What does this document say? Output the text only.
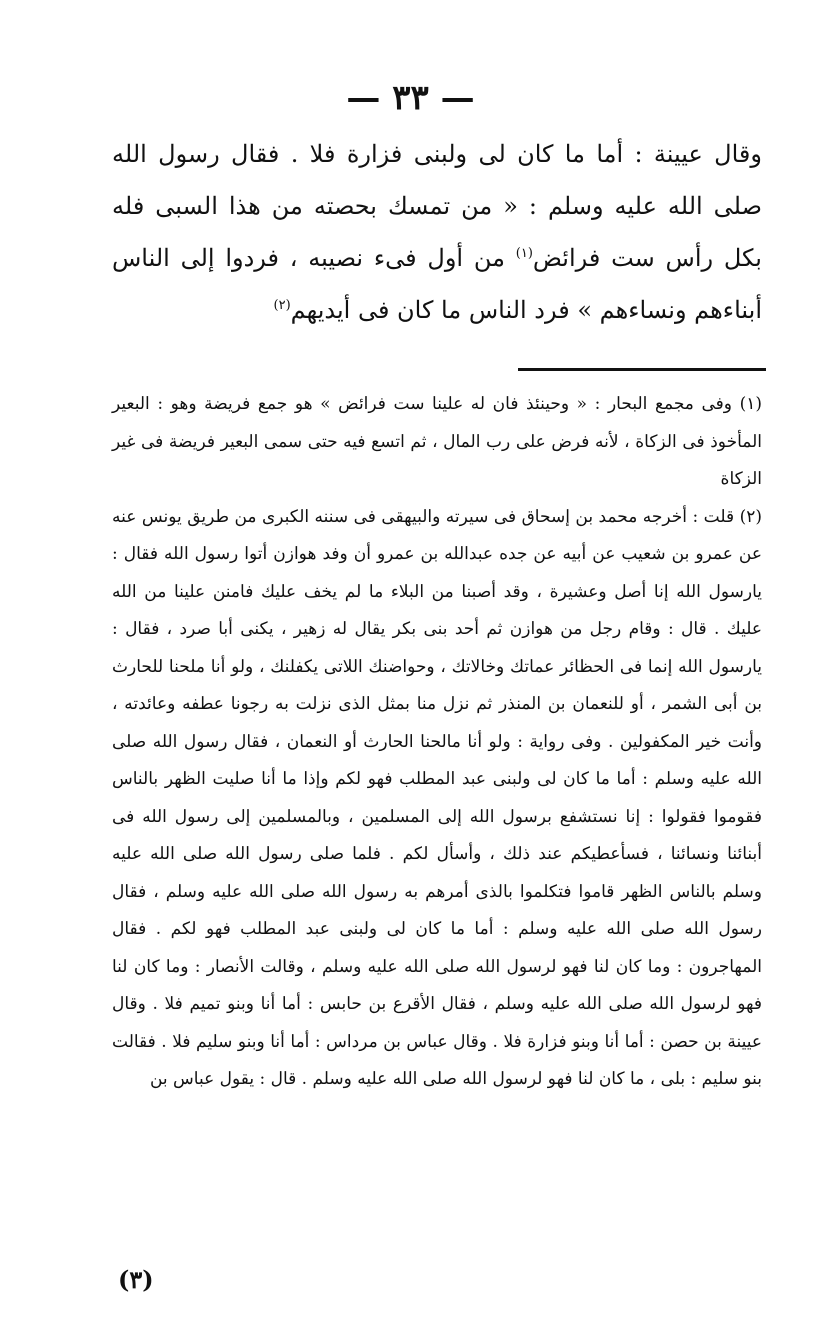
— ٣٣ —

وقال عيينة : أما ما كان لى ولبنى فزارة فلا . فقال رسول الله صلى الله عليه وسلم : « من تمسك بحصته من هذا السبى فله بكل رأس ست فرائض$^{(١)}$ من أول فىء نصيبه ، فردوا إلى الناس أبناءهم ونساءهم » فرد الناس ما كان فى أيديهم$^{(٢)}$

(١) وفى مجمع البحار : « وحينئذ فان له علينا ست فرائض » هو جمع فريضة وهو : البعير المأخوذ فى الزكاة ، لأنه فرض على رب المال ، ثم اتسع فيه حتى سمى البعير فريضة فى غير الزكاة

(٢) قلت : أخرجه محمد بن إسحاق فى سيرته والبيهقى فى سننه الكبرى من طريق يونس عنه عن عمرو بن شعيب عن أبيه عن جده عبدالله بن عمرو أن وفد هوازن أتوا رسول الله فقال : يارسول الله إنا أصل وعشيرة ، وقد أصبنا من البلاء ما لم يخف عليك فامنن علينا من الله عليك . قال : وقام رجل من هوازن ثم أحد بنى بكر يقال له زهير ، يكنى أبا صرد ، فقال : يارسول الله إنما فى الحظائر عماتك وخالاتك ، وحواضنك اللاتى يكفلنك ، ولو أنا ملحنا للحارث بن أبى الشمر ، أو للنعمان بن المنذر ثم نزل منا بمثل الذى نزلت به رجونا عطفه وعائدته ، وأنت خير المكفولين . وفى رواية : ولو أنا مالحنا الحارث أو النعمان ، فقال رسول الله صلى الله عليه وسلم : أما ما كان لى ولبنى عبد المطلب فهو لكم وإذا ما أنا صليت الظهر بالناس فقوموا فقولوا : إنا نستشفع برسول الله إلى المسلمين ، وبالمسلمين إلى رسول الله فى أبنائنا ونسائنا ، فسأعطيكم عند ذلك ، وأسأل لكم . فلما صلى رسول الله صلى الله عليه وسلم بالناس الظهر قاموا فتكلموا بالذى أمرهم به رسول الله صلى الله عليه وسلم ، فقال رسول الله صلى الله عليه وسلم : أما ما كان لى ولبنى عبد المطلب فهو لكم . فقال المهاجرون : وما كان لنا فهو لرسول الله صلى الله عليه وسلم ، وقالت الأنصار : وما كان لنا فهو لرسول الله صلى الله عليه وسلم ، فقال الأقرع بن حابس : أما أنا وبنو تميم فلا . وقال عيينة بن حصن : أما أنا وبنو فزارة فلا . وقال عباس بن مرداس : أما أنا وبنو سليم فلا . فقالت بنو سليم : بلى ، ما كان لنا فهو لرسول الله صلى الله عليه وسلم . قال : يقول عباس بن

(٣)
